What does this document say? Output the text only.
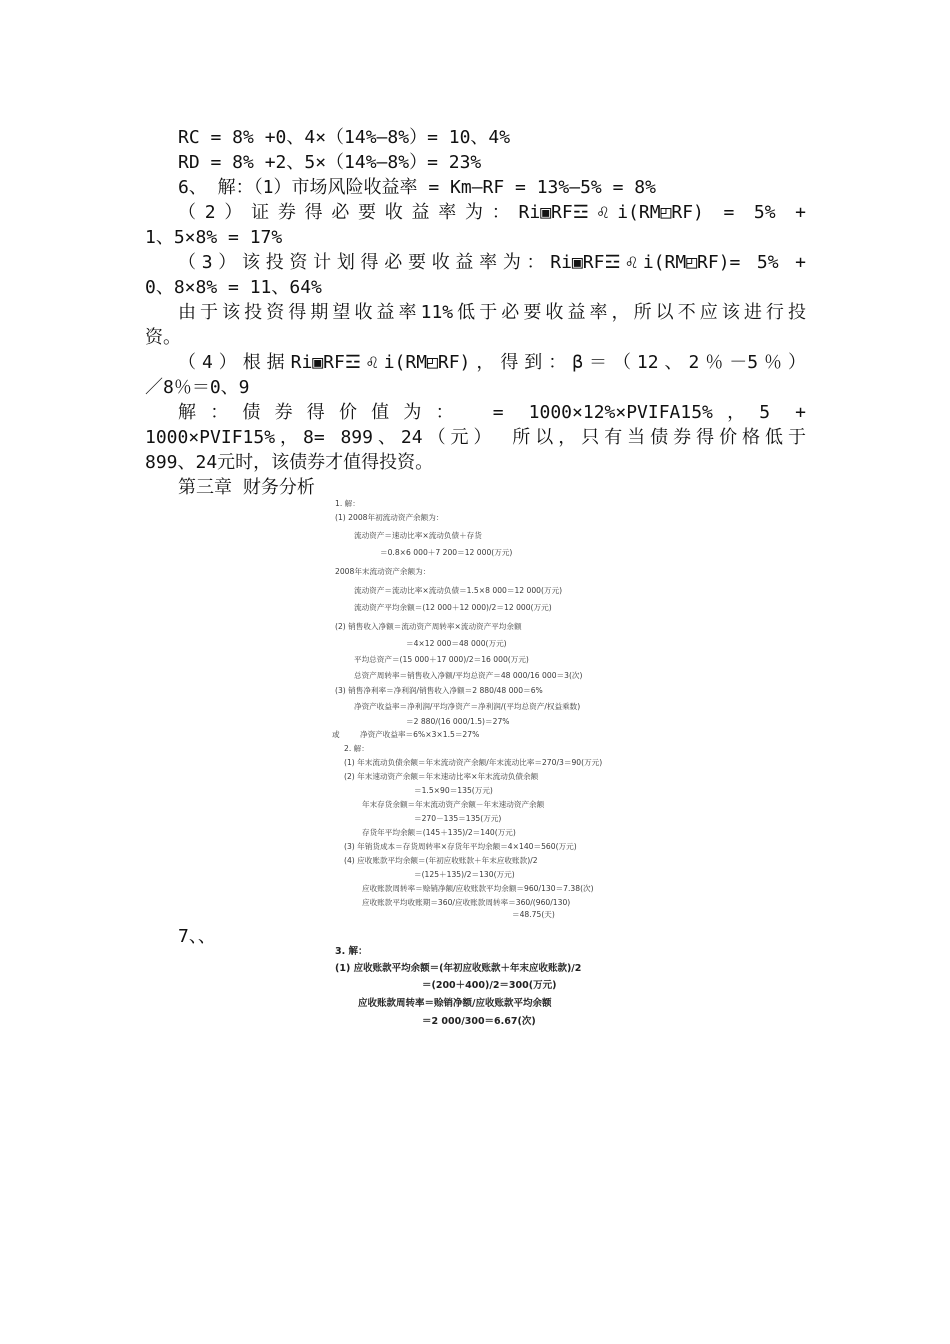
RC = 8% +0、4×（14%—8%）= 10、4%
RD = 8% +2、5×（14%—8%）= 23%
6、 解：（1）市场风险收益率 = Km—RF = 13%—5% = 8%
（2）证券得必要收益率为：Ri▣RF☲♌i(RM◰RF) = 5% +
1、5×8% = 17%
（3）该投资计划得必要收益率为：Ri▣RF☲♌i(RM◰RF)= 5% +
0、8×8% = 11、64%
由于该投资得期望收益率11%低于必要收益率，所以不应该进行投
资。
（4）根据Ri▣RF☲♌i(RM◰RF)，得到：β＝（12、2％－5％）
／8％＝0、9
解：债券得价值为： = 1000×12%×PVIFA15%，5 +
1000×PVIF15%，8= 899、24（元） 所以，只有当债券得价格低于
899、24元时，该债券才值得投资。
第三章 财务分析
1. 解：
(1) 2008年初流动资产余额为：
流动资产＝速动比率×流动负债＋存货
＝0.8×6 000＋7 200＝12 000(万元)
2008年末流动资产余额为：
流动资产＝流动比率×流动负债＝1.5×8 000＝12 000(万元)
流动资产平均余额＝(12 000＋12 000)/2＝12 000(万元)
(2) 销售收入净额＝流动资产周转率×流动资产平均余额
＝4×12 000＝48 000(万元)
平均总资产＝(15 000＋17 000)/2＝16 000(万元)
总资产周转率＝销售收入净额/平均总资产＝48 000/16 000＝3(次)
(3) 销售净利率＝净利润/销售收入净额＝2 880/48 000＝6%
净资产收益率＝净利润/平均净资产＝净利润/(平均总资产/权益乘数)
＝2 880/(16 000/1.5)＝27%
或	净资产收益率＝6%×3×1.5＝27%
2. 解：
(1) 年末流动负债余额＝年末流动资产余额/年末流动比率＝270/3＝90(万元)
(2) 年末速动资产余额＝年末速动比率×年末流动负债余额
＝1.5×90＝135(万元)
年末存货余额＝年末流动资产余额－年末速动资产余额
＝270－135＝135(万元)
存货年平均余额＝(145＋135)/2＝140(万元)
(3) 年销货成本＝存货周转率×存货年平均余额＝4×140＝560(万元)
(4) 应收账款平均余额＝(年初应收账款＋年末应收账款)/2
＝(125＋135)/2＝130(万元)
应收账款周转率＝赊销净额/应收账款平均余额＝960/130＝7.38(次)
应收账款平均收账期＝360/应收账款周转率＝360/(960/130)
＝48.75(天)
7、、
3. 解：
(1) 应收账款平均余额＝(年初应收账款＋年末应收账款)/2
＝(200＋400)/2＝300(万元)
应收账款周转率＝赊销净额/应收账款平均余额
＝2 000/300＝6.67(次)
